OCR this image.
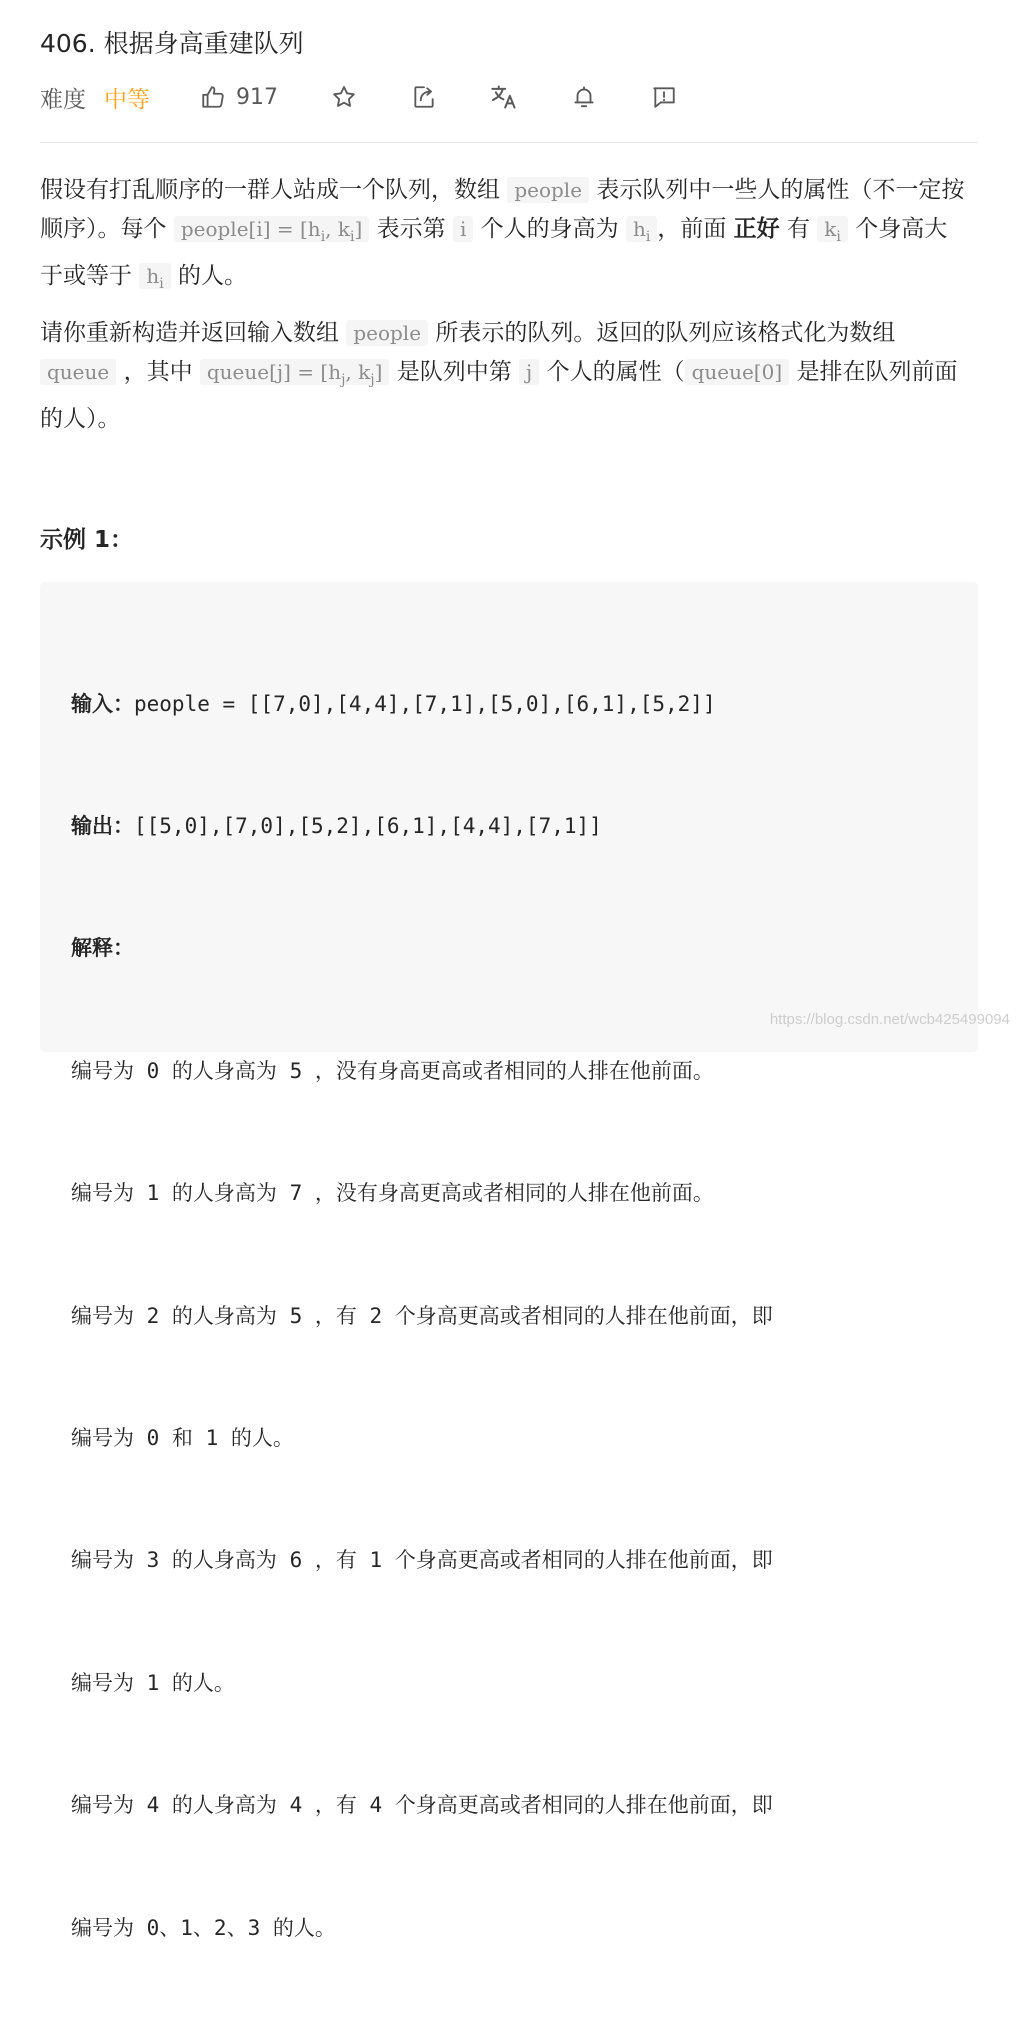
406. 根据身高重建队列
难度 中等	917
假设有打乱顺序的一群人站成一个队列，数组 people 表示队列中一些人的属性（不一定按顺序）。每个 people[i] = [$h_i$, $k_i$] 表示第 i 个人的身高为 $h_i$ ，前面 正好 有 $k_i$ 个身高大于或等于 $h_i$ 的人。
请你重新构造并返回输入数组 people 所表示的队列。返回的队列应该格式化为数组 queue ，其中 queue[j] = [$h_j$, $k_j$] 是队列中第 j 个人的属性（ queue[0] 是排在队列前面的人）。
示例 1：

输入：people = [[7,0],[4,4],[7,1],[5,0],[6,1],[5,2]]

输出：[[5,0],[7,0],[5,2],[6,1],[4,4],[7,1]]

解释：

编号为 0 的人身高为 5 ，没有身高更高或者相同的人排在他前面。

编号为 1 的人身高为 7 ，没有身高更高或者相同的人排在他前面。

编号为 2 的人身高为 5 ，有 2 个身高更高或者相同的人排在他前面，即

编号为 0 和 1 的人。

编号为 3 的人身高为 6 ，有 1 个身高更高或者相同的人排在他前面，即

编号为 1 的人。

编号为 4 的人身高为 4 ，有 4 个身高更高或者相同的人排在他前面，即

编号为 0、1、2、3 的人。

https://blog.csdn.net/wcb425499094
